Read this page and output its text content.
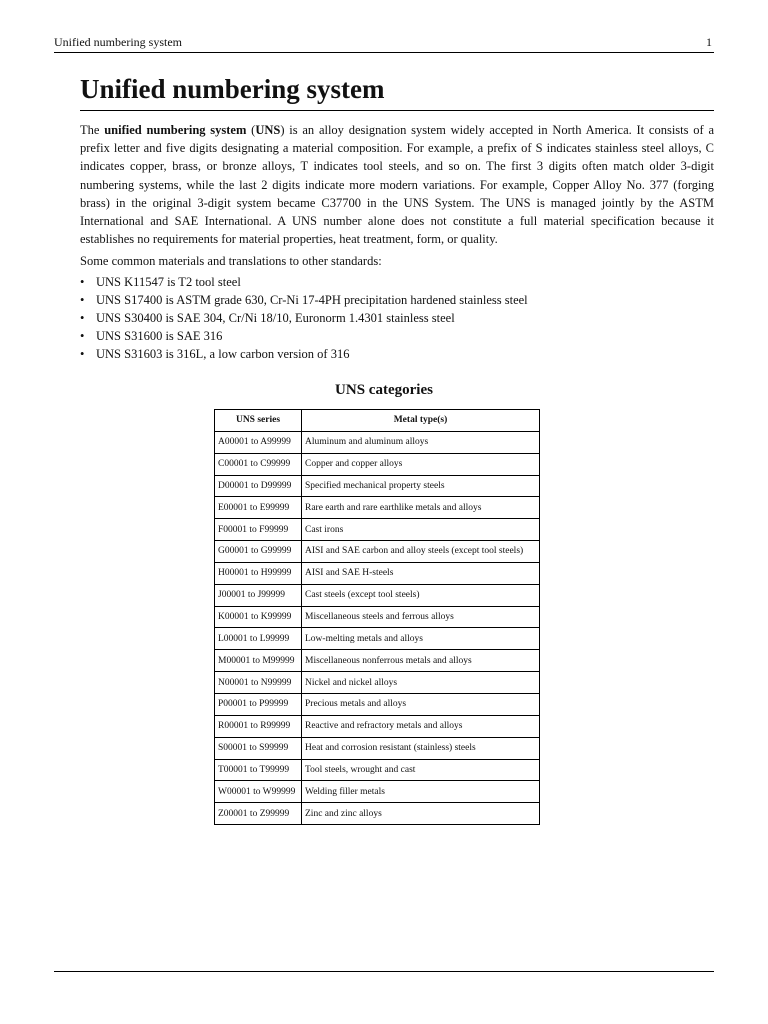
Unified numbering system	1
Unified numbering system

The unified numbering system (UNS) is an alloy designation system widely accepted in North America. It consists of a prefix letter and five digits designating a material composition. For example, a prefix of S indicates stainless steel alloys, C indicates copper, brass, or bronze alloys, T indicates tool steels, and so on. The first 3 digits often match older 3-digit numbering systems, while the last 2 digits indicate more modern variations. For example, Copper Alloy No. 377 (forging brass) in the original 3-digit system became C37700 in the UNS System. The UNS is managed jointly by the ASTM International and SAE International. A UNS number alone does not constitute a full material specification because it establishes no requirements for material properties, heat treatment, form, or quality.

Some common materials and translations to other standards:

• UNS K11547 is T2 tool steel
• UNS S17400 is ASTM grade 630, Cr-Ni 17-4PH precipitation hardened stainless steel
• UNS S30400 is SAE 304, Cr/Ni 18/10, Euronorm 1.4301 stainless steel
• UNS S31600 is SAE 316
• UNS S31603 is 316L, a low carbon version of 316
UNS categories
UNS series	Metal type(s)
A00001 to A99999	Aluminum and aluminum alloys
C00001 to C99999	Copper and copper alloys
D00001 to D99999	Specified mechanical property steels
E00001 to E99999	Rare earth and rare earthlike metals and alloys
F00001 to F99999	Cast irons
G00001 to G99999	AISI and SAE carbon and alloy steels (except tool steels)
H00001 to H99999	AISI and SAE H-steels
J00001 to J99999	Cast steels (except tool steels)
K00001 to K99999	Miscellaneous steels and ferrous alloys
L00001 to L99999	Low-melting metals and alloys
M00001 to M99999	Miscellaneous nonferrous metals and alloys
N00001 to N99999	Nickel and nickel alloys
P00001 to P99999	Precious metals and alloys
R00001 to R99999	Reactive and refractory metals and alloys
S00001 to S99999	Heat and corrosion resistant (stainless) steels
T00001 to T99999	Tool steels, wrought and cast
W00001 to W99999	Welding filler metals
Z00001 to Z99999	Zinc and zinc alloys
